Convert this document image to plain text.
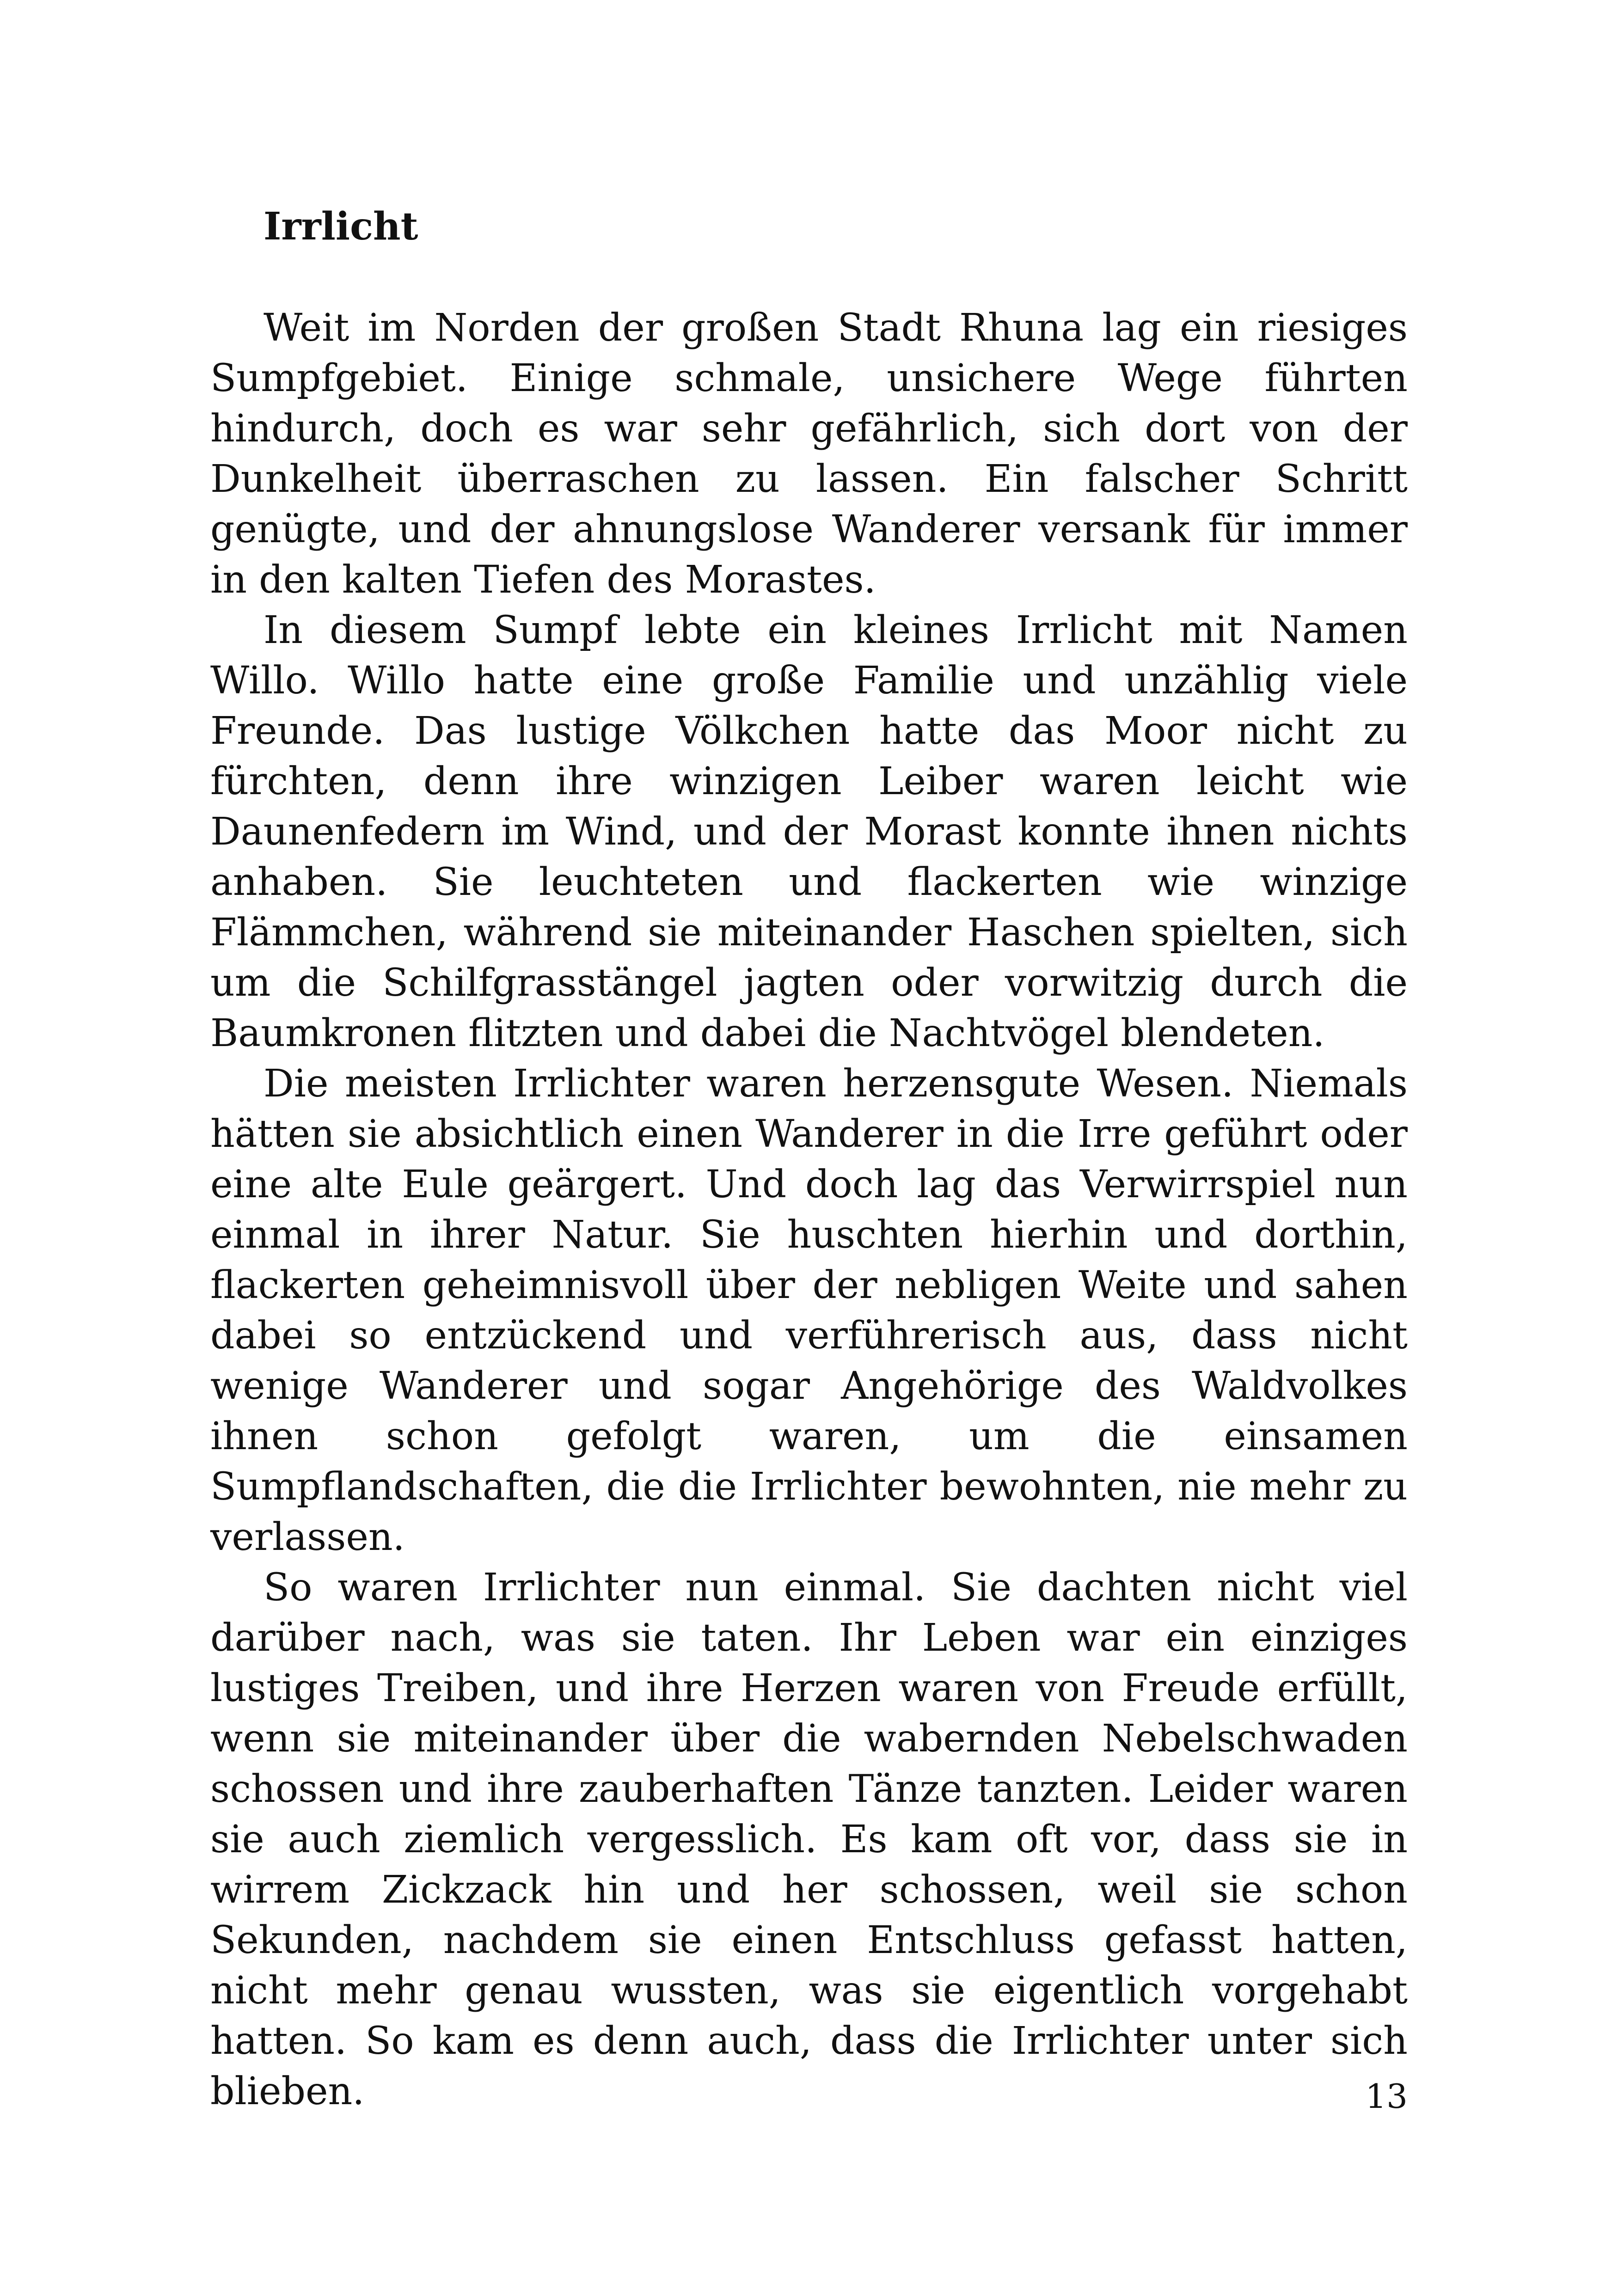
Irrlicht

Weit im Norden der großen Stadt Rhuna lag ein riesiges Sumpfgebiet. Einige schmale, unsichere Wege führten hindurch, doch es war sehr gefährlich, sich dort von der Dunkelheit überraschen zu lassen. Ein falscher Schritt genügte, und der ahnungslose Wanderer versank für immer in den kalten Tiefen des Morastes.

In diesem Sumpf lebte ein kleines Irrlicht mit Namen Willo. Willo hatte eine große Familie und unzählig viele Freunde. Das lustige Völkchen hatte das Moor nicht zu fürchten, denn ihre winzigen Leiber waren leicht wie Daunenfedern im Wind, und der Morast konnte ihnen nichts anhaben. Sie leuchteten und flackerten wie winzige Flämmchen, während sie miteinander Haschen spielten, sich um die Schilfgrasstängel jagten oder vorwitzig durch die Baumkronen flitzten und dabei die Nachtvögel blendeten.

Die meisten Irrlichter waren herzensgute Wesen. Niemals hätten sie absichtlich einen Wanderer in die Irre geführt oder eine alte Eule geärgert. Und doch lag das Verwirrspiel nun einmal in ihrer Natur. Sie huschten hierhin und dorthin, flackerten geheimnisvoll über der nebligen Weite und sahen dabei so entzückend und verführerisch aus, dass nicht wenige Wanderer und sogar Angehörige des Waldvolkes ihnen schon gefolgt waren, um die einsamen Sumpflandschaften, die die Irrlichter bewohnten, nie mehr zu verlassen.

So waren Irrlichter nun einmal. Sie dachten nicht viel darüber nach, was sie taten. Ihr Leben war ein einziges lustiges Treiben, und ihre Herzen waren von Freude erfüllt, wenn sie miteinander über die wabernden Nebelschwaden schossen und ihre zauberhaften Tänze tanzten. Leider waren sie auch ziemlich vergesslich. Es kam oft vor, dass sie in wirrem Zickzack hin und her schossen, weil sie schon Sekunden, nachdem sie einen Entschluss gefasst hatten, nicht mehr genau wussten, was sie eigentlich vorgehabt hatten. So kam es denn auch, dass die Irrlichter unter sich blieben.	13
